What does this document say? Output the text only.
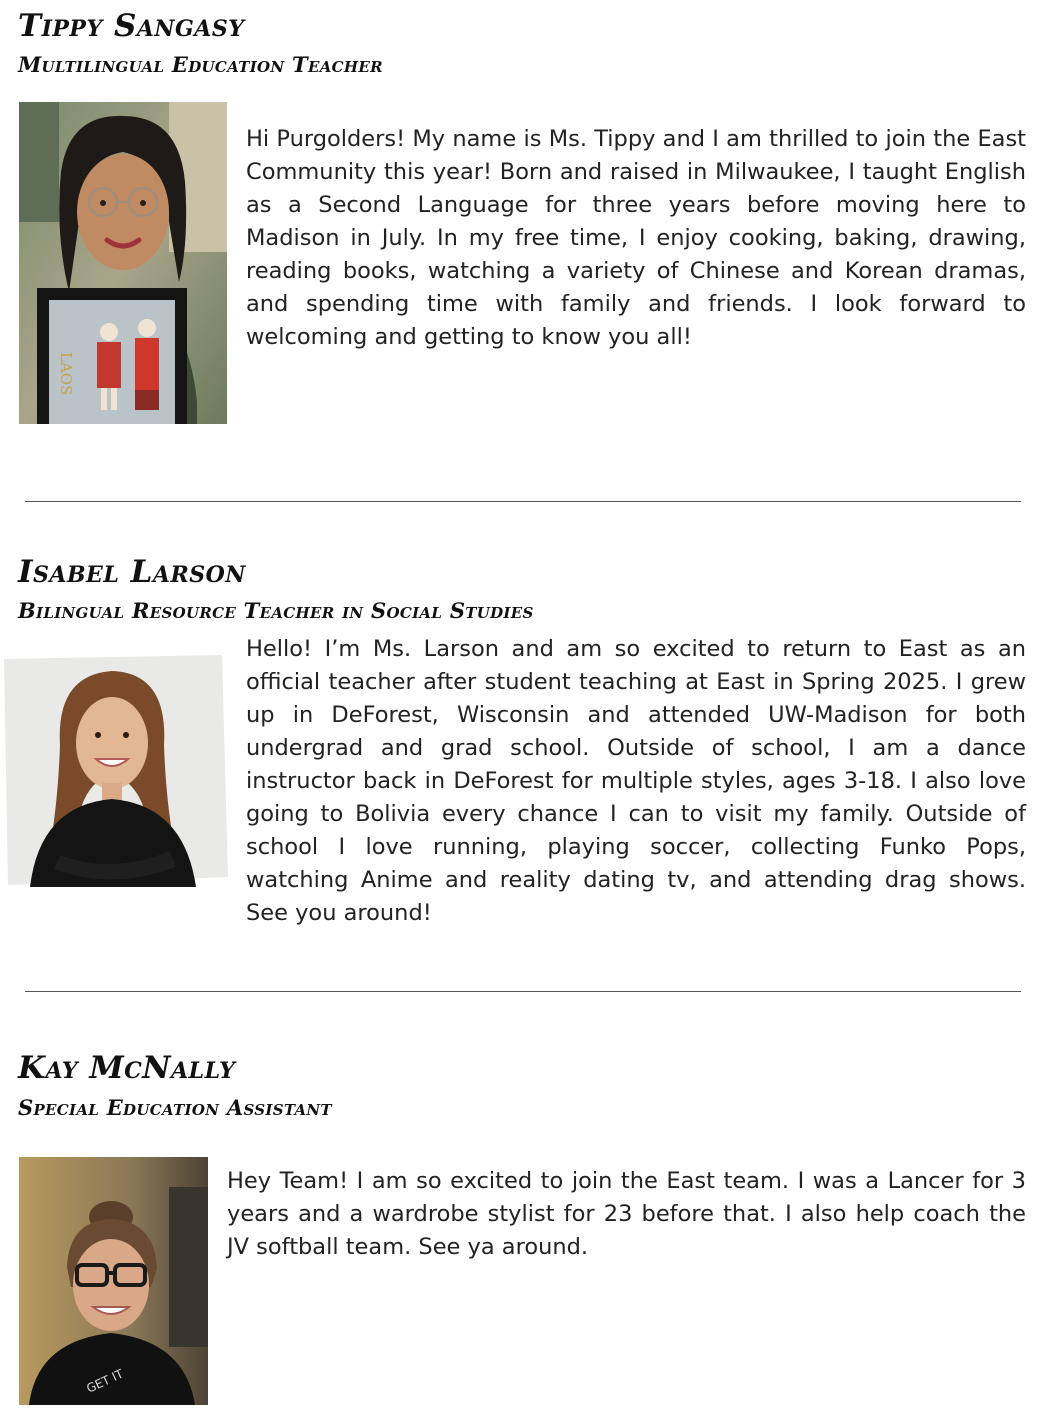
Tippy Sangasy
Multilingual Education Teacher
LAOS

Hi Purgolders! My name is Ms. Tippy and I am thrilled to join the East Community this year! Born and raised in Milwaukee, I taught English as a Second Language for three years before moving here to Madison in July. In my free time, I enjoy cooking, baking, drawing, reading books, watching a variety of Chinese and Korean dramas, and spending time with family and friends. I look forward to welcoming and getting to know you all!

Isabel Larson
Bilingual Resource Teacher in Social Studies

Hello! I’m Ms. Larson and am so excited to return to East as an official teacher after student teaching at East in Spring 2025. I grew up in DeForest, Wisconsin and attended UW-Madison for both undergrad and grad school. Outside of school, I am a dance instructor back in DeForest for multiple styles, ages 3-18. I also love going to Bolivia every chance I can to visit my family. Outside of school I love running, playing soccer, collecting Funko Pops, watching Anime and reality dating tv, and attending drag shows. See you around!

Kay McNally
Special Education Assistant
GET IT

Hey Team! I am so excited to join the East team. I was a Lancer for 3 years and a wardrobe stylist for 23 before that. I also help coach the JV softball team. See ya around.
